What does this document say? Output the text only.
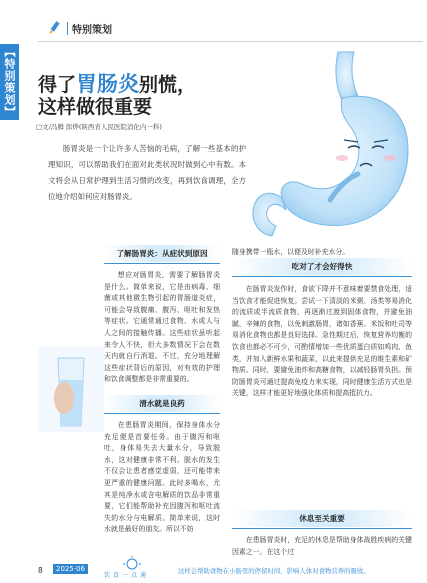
特别策划
【特别策划】 得了胃肠炎别慌，
这样做很重要
□文/冯腾 郎烨(陕西省人民医院消化内一科)

肠胃炎是一个让许多人苦恼的毛病，了解一些基本的护理知识，可以帮助我们在面对此类状况时做到心中有数。本文将会从日常护理到生活习惯的改变，再到饮食调理，全方位地介绍如何应对肠胃炎。

了解肠胃炎：从症状到原因

想应对肠胃炎，需要了解肠胃炎是什么。简单来说，它是由病毒、细菌或其他微生物引起的胃肠道炎症，可能会导致腹痛、腹泻、呕吐和发热等症状。它通常通过食物、水或人与人之间的接触传播。这些症状虽听起来令人不快，但大多数情况下会在数天内就自行消退。不过，充分地理解这些症状背后的原因，对有效的护理和饮食调整都是非常重要的。

清水就是良药

在患肠胃炎期间，保持身体水分充足便是首要任务。由于腹泻和呕吐，身体易失去大量水分，导致脱水，这对健康非常不利。脱水的发生不仅会让患者感觉虚弱，还可能带来更严重的健康问题。此时多喝水，尤其是纯净水或含电解质的饮品非常重要，它们能帮助补充因腹泻和呕吐流失的水分与电解质。简单来说，这时水就是最好的朋友。所以不妨

随身携带一瓶水，以便及时补充水分。

吃对了才会好得快

在肠胃炎发作时，食欲下降并不意味着要禁食处理，适当饮食才能促进恢复。尝试一下清淡的米粥、汤类等易消化的流质或半流质食物，再逐渐过渡到固体食物，并避免油腻、辛辣的食物，以免刺激肠胃，诸如香蕉、米饭和吐司等易消化食物也都是良好选择。急性期过后，恢复营养均衡的饮食也都必不可少，可酌情增加一些优质蛋白质如鸡肉、鱼类，并加入新鲜水果和蔬菜，以此来提供充足的维生素和矿物质。同时，要避免油炸和高糖食物，以减轻肠胃负担。预防肠胃炎可通过提高免疫力来实现，同时健康生活方式也是关键，这样才能更好地强化体质和提高抵抗力。

休息至关重要

在患肠胃炎时，充足的休息是帮助身体战胜疾病的关键因素之一。在这个过

8	2025·06
饮食一点通
这样会帮助食物在小肠里的停留时间，影响人体对食物营养的吸收。
